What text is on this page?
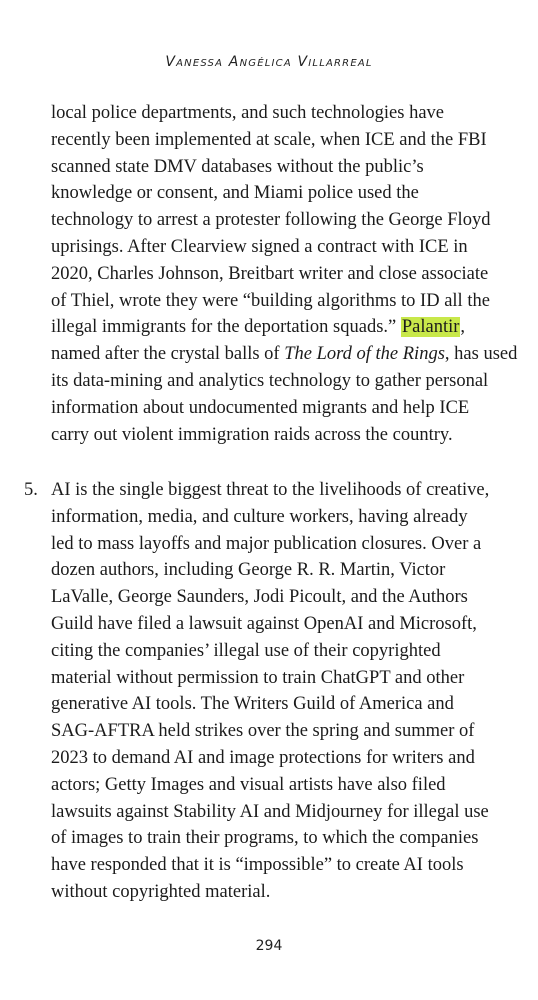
Vanessa Angélica Villarreal
local police departments, and such technologies have
recently been implemented at scale, when ICE and the FBI
scanned state DMV databases without the public’s
knowledge or consent, and Miami police used the
technology to arrest a protester following the George Floyd
uprisings. After Clearview signed a contract with ICE in
2020, Charles Johnson, Breitbart writer and close associate
of Thiel, wrote they were “building algorithms to ID all the
illegal immigrants for the deportation squads.” Palantir,
named after the crystal balls of The Lord of the Rings, has used
its data-mining and analytics technology to gather personal
information about undocumented migrants and help ICE
carry out violent immigration raids across the country.
5. AI is the single biggest threat to the livelihoods of creative,
information, media, and culture workers, having already
led to mass layoffs and major publication closures. Over a
dozen authors, including George R. R. Martin, Victor
LaValle, George Saunders, Jodi Picoult, and the Authors
Guild have filed a lawsuit against OpenAI and Microsoft,
citing the companies’ illegal use of their copyrighted
material without permission to train ChatGPT and other
generative AI tools. The Writers Guild of America and
SAG-AFTRA held strikes over the spring and summer of
2023 to demand AI and image protections for writers and
actors; Getty Images and visual artists have also filed
lawsuits against Stability AI and Midjourney for illegal use
of images to train their programs, to which the companies
have responded that it is “impossible” to create AI tools
without copyrighted material.
294
